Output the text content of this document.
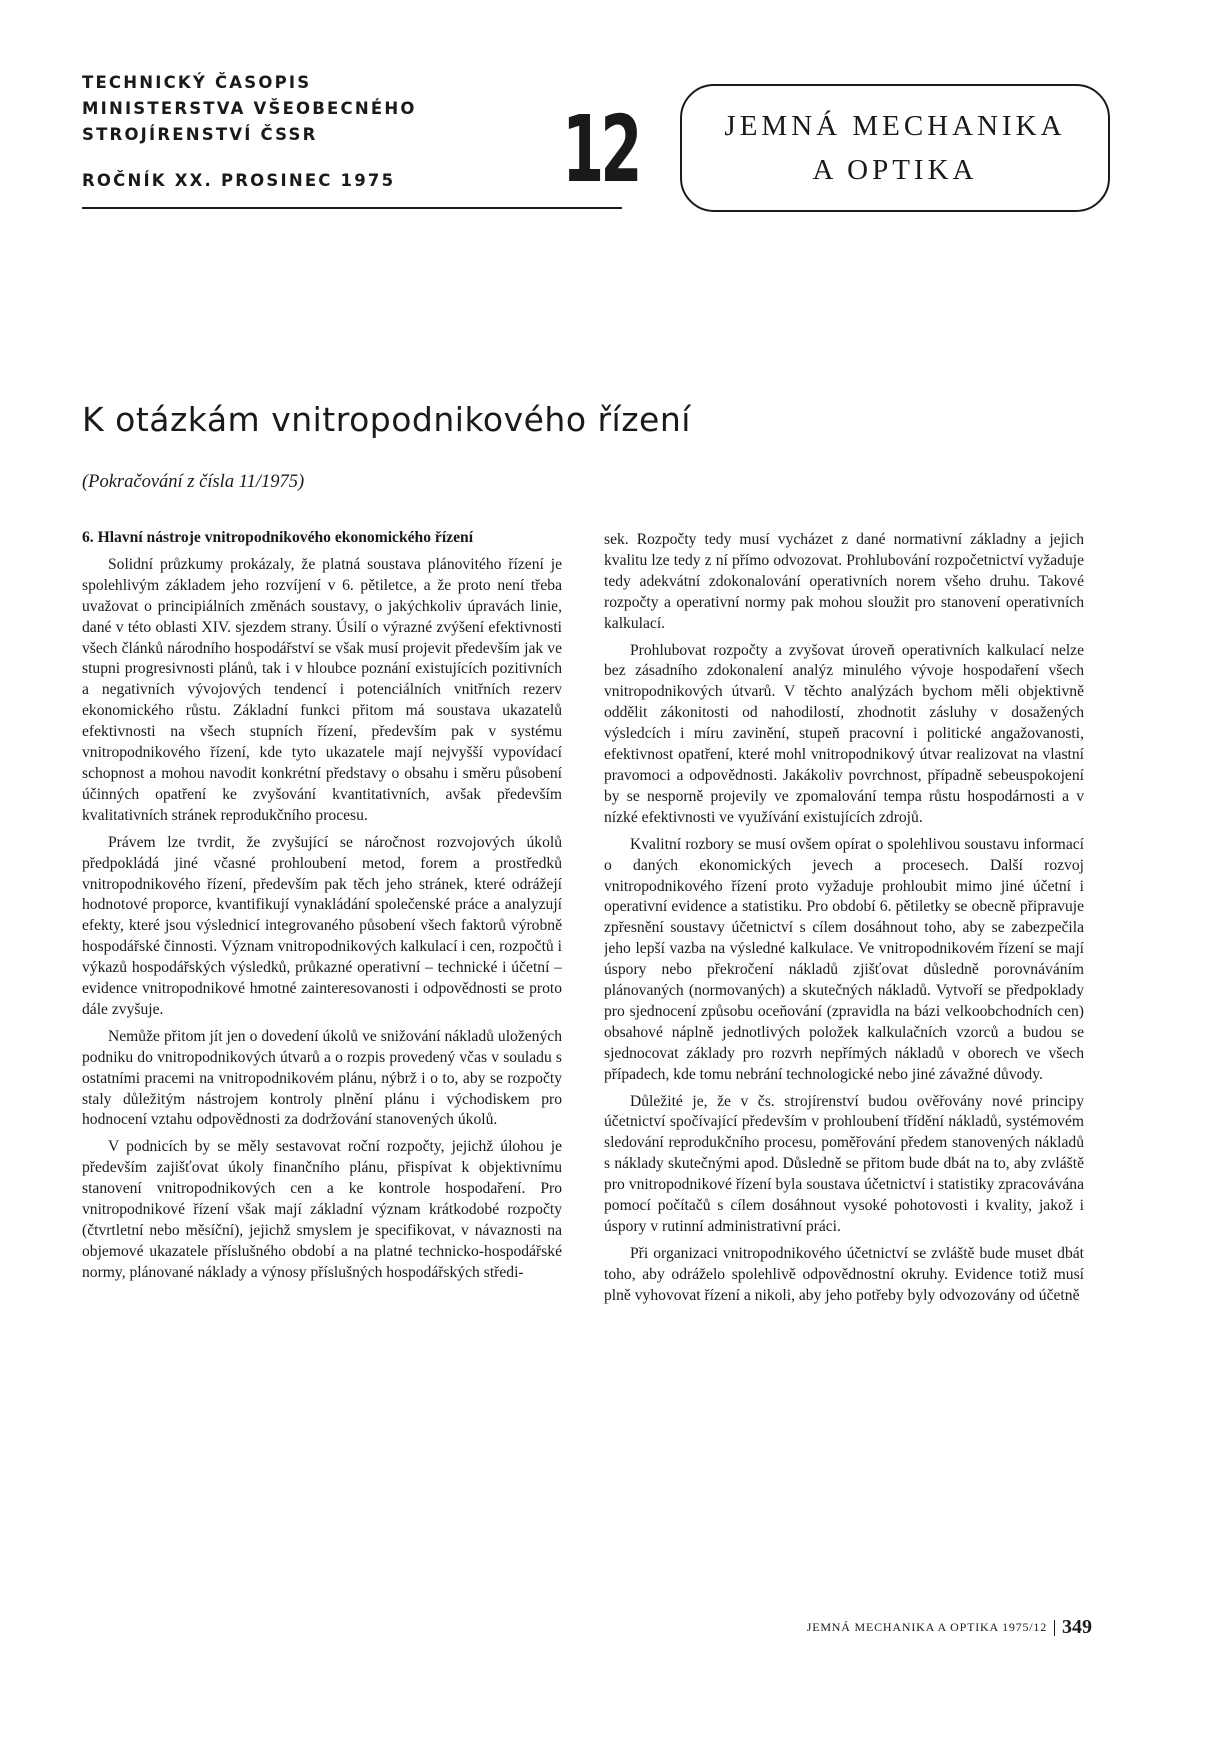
TECHNICKÝ ČASOPIS
MINISTERSTVA VŠEOBECNÉHO
STROJÍRENSTVÍ ČSSR
ROČNÍK XX. PROSINEC 1975	12	JEMNÁ MECHANIKA
A OPTIKA
K otázkám vnitropodnikového řízení
(Pokračování z čísla 11/1975)
6. Hlavní nástroje vnitropodnikového ekonomického řízení

Solidní průzkumy prokázaly, že platná soustava plánovitého řízení je spolehlivým základem jeho rozvíjení v 6. pětiletce, a že proto není třeba uvažovat o principiálních změnách soustavy, o jakýchkoliv úpravách linie, dané v této oblasti XIV. sjezdem strany. Úsilí o výrazné zvýšení efektivnosti všech článků národního hospodářství se však musí projevit především jak ve stupni progresivnosti plánů, tak i v hloubce poznání existujících pozitivních a negativních vývojových tendencí i potenciálních vnitřních rezerv ekonomického růstu. Základní funkci přitom má soustava ukazatelů efektivnosti na všech stupních řízení, především pak v systému vnitropodnikového řízení, kde tyto ukazatele mají nejvyšší vypovídací schopnost a mohou navodit konkrétní představy o obsahu i směru působení účinných opatření ke zvyšování kvantitativních, avšak především kvalitativních stránek reprodukčního procesu.

Právem lze tvrdit, že zvyšující se náročnost rozvojových úkolů předpokládá jiné včasné prohloubení metod, forem a prostředků vnitropodnikového řízení, především pak těch jeho stránek, které odrážejí hodnotové proporce, kvantifikují vynakládání společenské práce a analyzují efekty, které jsou výslednicí integrovaného působení všech faktorů výrobně hospodářské činnosti. Význam vnitropodnikových kalkulací i cen, rozpočtů i výkazů hospodářských výsledků, průkazné operativní – technické i účetní – evidence vnitropodnikové hmotné zainteresovanosti i odpovědnosti se proto dále zvyšuje.

Nemůže přitom jít jen o dovedení úkolů ve snižování nákladů uložených podniku do vnitropodnikových útvarů a o rozpis provedený včas v souladu s ostatními pracemi na vnitropodnikovém plánu, nýbrž i o to, aby se rozpočty staly důležitým nástrojem kontroly plnění plánu i východiskem pro hodnocení vztahu odpovědnosti za dodržování stanovených úkolů.

V podnicích by se měly sestavovat roční rozpočty, jejichž úlohou je především zajišťovat úkoly finančního plánu, přispívat k objektivnímu stanovení vnitropodnikových cen a ke kontrole hospodaření. Pro vnitropodnikové řízení však mají základní význam krátkodobé rozpočty (čtvrtletní nebo měsíční), jejichž smyslem je specifikovat, v návaznosti na objemové ukazatele příslušného období a na platné technicko-hospodářské normy, plánované náklady a výnosy příslušných hospodářských středi-

sek. Rozpočty tedy musí vycházet z dané normativní základny a jejich kvalitu lze tedy z ní přímo odvozovat. Prohlubování rozpočetnictví vyžaduje tedy adekvátní zdokonalování operativních norem všeho druhu. Takové rozpočty a operativní normy pak mohou sloužit pro stanovení operativních kalkulací.

Prohlubovat rozpočty a zvyšovat úroveň operativních kalkulací nelze bez zásadního zdokonalení analýz minulého vývoje hospodaření všech vnitropodnikových útvarů. V těchto analýzách bychom měli objektivně oddělit zákonitosti od nahodilostí, zhodnotit zásluhy v dosažených výsledcích i míru zavinění, stupeň pracovní i politické angažovanosti, efektivnost opatření, které mohl vnitropodnikový útvar realizovat na vlastní pravomoci a odpovědnosti. Jakákoliv povrchnost, případně sebeuspokojení by se nesporně projevily ve zpomalování tempa růstu hospodárnosti a v nízké efektivnosti ve využívání existujících zdrojů.

Kvalitní rozbory se musí ovšem opírat o spolehlivou soustavu informací o daných ekonomických jevech a procesech. Další rozvoj vnitropodnikového řízení proto vyžaduje prohloubit mimo jiné účetní i operativní evidence a statistiku. Pro období 6. pětiletky se obecně připravuje zpřesnění soustavy účetnictví s cílem dosáhnout toho, aby se zabezpečila jeho lepší vazba na výsledné kalkulace. Ve vnitropodnikovém řízení se mají úspory nebo překročení nákladů zjišťovat důsledně porovnáváním plánovaných (normovaných) a skutečných nákladů. Vytvoří se předpoklady pro sjednocení způsobu oceňování (zpravidla na bázi velkoobchodních cen) obsahové náplně jednotlivých položek kalkulačních vzorců a budou se sjednocovat základy pro rozvrh nepřímých nákladů v oborech ve všech případech, kde tomu nebrání technologické nebo jiné závažné důvody.

Důležité je, že v čs. strojírenství budou ověřovány nové principy účetnictví spočívající především v prohloubení třídění nákladů, systémovém sledování reprodukčního procesu, poměřování předem stanovených nákladů s náklady skutečnými apod. Důsledně se přitom bude dbát na to, aby zvláště pro vnitropodnikové řízení byla soustava účetnictví i statistiky zpracovávána pomocí počítačů s cílem dosáhnout vysoké pohotovosti i kvality, jakož i úspory v rutinní administrativní práci.

Při organizaci vnitropodnikového účetnictví se zvláště bude muset dbát toho, aby odráželo spolehlivě odpovědnostní okruhy. Evidence totiž musí plně vyhovovat řízení a nikoli, aby jeho potřeby byly odvozovány od účetně

JEMNÁ MECHANIKA A OPTIKA 1975/12 349
